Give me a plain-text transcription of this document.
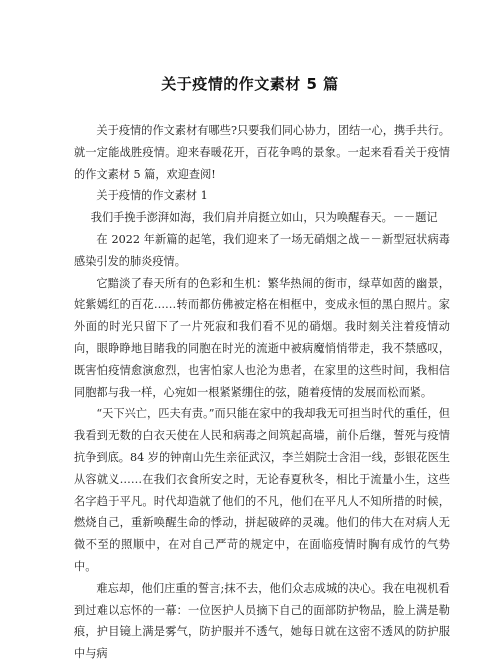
关于疫情的作文素材 5 篇

关于疫情的作文素材有哪些?只要我们同心协力，团结一心，携手共行。就一定能战胜疫情。迎来春暖花开，百花争鸣的景象。一起来看看关于疫情的作文素材 5 篇，欢迎查阅!

关于疫情的作文素材 1

我们手挽手澎湃如海，我们肩并肩挺立如山，只为唤醒春天。－－题记

在 2022 年新篇的起笔，我们迎来了一场无硝烟之战－－新型冠状病毒感染引发的肺炎疫情。

它黯淡了春天所有的色彩和生机：繁华热闹的街市，绿草如茵的幽景，姹紫嫣红的百花……转而都仿佛被定格在相框中，变成永恒的黑白照片。家外面的时光只留下了一片死寂和我们看不见的硝烟。我时刻关注着疫情动向，眼睁睁地目睹我的同胞在时光的流逝中被病魔悄悄带走，我不禁感叹，既害怕疫情愈演愈烈，也害怕家人也沦为患者，在家里的这些时间，我相信同胞都与我一样，心宛如一根紧紧绷住的弦，随着疫情的发展而松而紧。

“天下兴亡，匹夫有责。”而只能在家中的我却我无可担当时代的重任，但我看到无数的白衣天使在人民和病毒之间筑起高墙，前仆后继，誓死与疫情抗争到底。84 岁的钟南山先生亲征武汉，李兰娟院士含泪一线，彭银花医生从容就义……在我们衣食所安之时，无论春夏秋冬，相比于流量小生，这些名字趋于平凡。时代却造就了他们的不凡，他们在平凡人不知所措的时候，燃烧自己，重新唤醒生命的悸动，拼起破碎的灵魂。他们的伟大在对病人无微不至的照顺中，在对自己严苛的规定中，在面临疫情时胸有成竹的气势中。

难忘却，他们庄重的誓言;抹不去，他们众志成城的决心。我在电视机看到过难以忘怀的一幕：一位医护人员摘下自己的面部防护物品，脸上满是勒痕，护目镜上满是雾气，防护服并不透气，她每日就在这密不透风的防护服中与病
